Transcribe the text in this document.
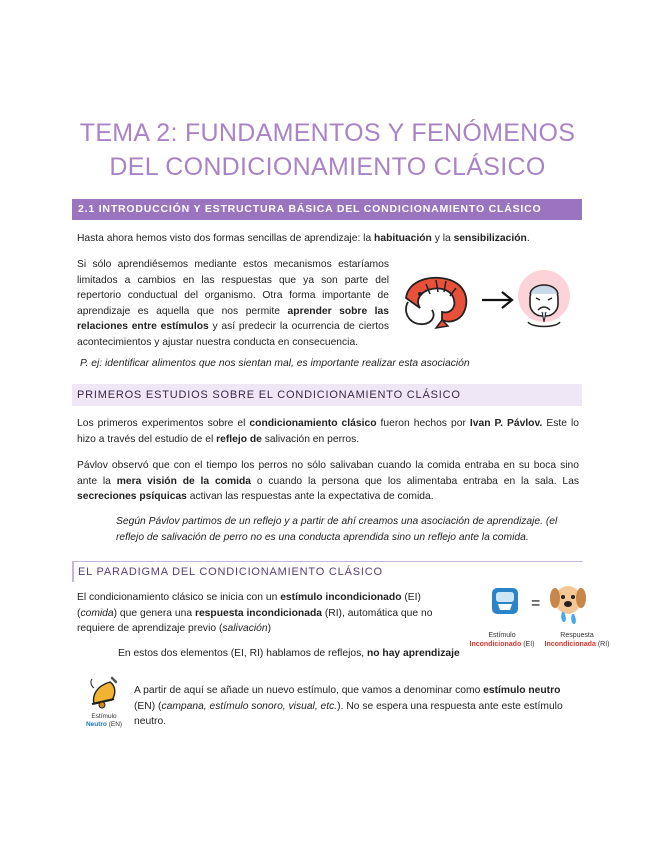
TEMA 2: FUNDAMENTOS Y FENÓMENOS
DEL CONDICIONAMIENTO CLÁSICO
2.1 INTRODUCCIÓN Y ESTRUCTURA BÁSICA DEL CONDICIONAMIENTO CLÁSICO
Hasta ahora hemos visto dos formas sencillas de aprendizaje: la habituación y la sensibilización.
Si sólo aprendiésemos mediante estos mecanismos estaríamos limitados a cambios en las respuestas que ya son parte del repertorio conductual del organismo. Otra forma importante de aprendizaje es aquella que nos permite aprender sobre las relaciones entre estímulos y así predecir la ocurrencia de ciertos acontecimientos y ajustar nuestra conducta en consecuencia.
P. ej: identificar alimentos que nos sientan mal, es importante realizar esta asociación
PRIMEROS ESTUDIOS SOBRE EL CONDICIONAMIENTO CLÁSICO
Los primeros experimentos sobre el condicionamiento clásico fueron hechos por Ivan P. Pávlov. Este lo hizo a través del estudio de el reflejo de salivación en perros.
Pávlov observó que con el tiempo los perros no sólo salivaban cuando la comida entraba en su boca sino ante la mera visión de la comida o cuando la persona que los alimentaba entraba en la sala. Las secreciones psíquicas activan las respuestas ante la expectativa de comida.
Según Pávlov partimos de un reflejo y a partir de ahí creamos una asociación de aprendizaje. (el reflejo de salivación de perro no es una conducta aprendida sino un reflejo ante la comida.
EL PARADIGMA DEL CONDICIONAMIENTO CLÁSICO
El condicionamiento clásico se inicia con un estímulo incondicionado (EI) (comida) que genera una respuesta incondicionada (RI), automática que no requiere de aprendizaje previo (salivación)
=
Estímulo
Incondicionado (EI)
Respuesta
Incondicionada (RI)
En estos dos elementos (EI, RI) hablamos de reflejos, no hay aprendizaje
Estímulo
Neutro (EN)
A partir de aquí se añade un nuevo estímulo, que vamos a denominar como estímulo neutro (EN) (campana, estímulo sonoro, visual, etc.). No se espera una respuesta ante este estímulo neutro.
